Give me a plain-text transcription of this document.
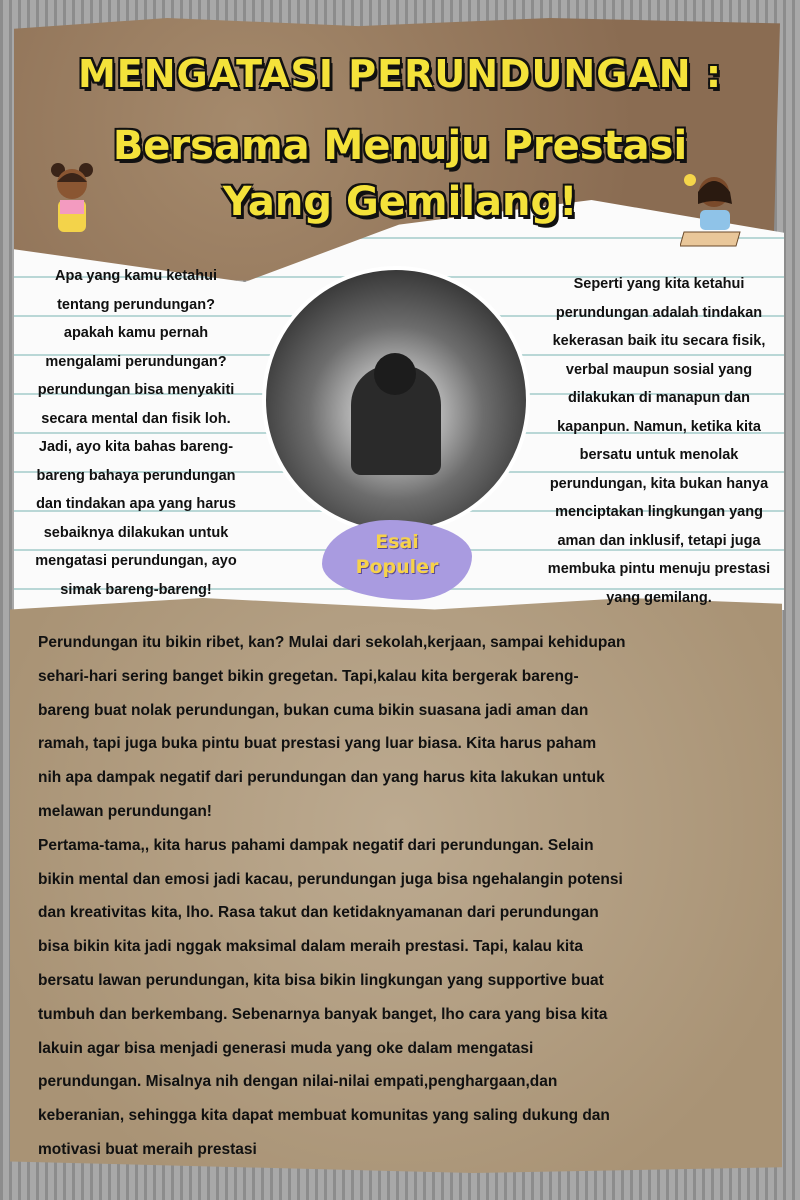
MENGATASI PERUNDUNGAN :
Bersama Menuju Prestasi
Yang Gemilang!
Apa yang kamu ketahui
tentang perundungan?
apakah kamu pernah
mengalami perundungan?
perundungan bisa menyakiti
secara mental dan fisik loh.
Jadi, ayo kita bahas bareng-
bareng bahaya perundungan
dan tindakan apa yang harus
sebaiknya dilakukan untuk
mengatasi perundungan, ayo
simak bareng-bareng!
Esai
Populer
Seperti yang kita ketahui
perundungan adalah tindakan
kekerasan baik itu secara fisik,
verbal maupun sosial yang
dilakukan di manapun dan
kapanpun. Namun, ketika kita
bersatu untuk menolak
perundungan, kita bukan hanya
menciptakan lingkungan yang
aman dan inklusif, tetapi juga
membuka pintu menuju prestasi
yang gemilang.
Perundungan itu bikin ribet, kan? Mulai dari sekolah,kerjaan, sampai kehidupan
sehari-hari sering banget bikin gregetan. Tapi,kalau kita bergerak bareng-
bareng buat nolak perundungan, bukan cuma bikin suasana jadi aman dan
ramah, tapi juga buka pintu buat prestasi yang luar biasa. Kita harus paham
nih apa dampak negatif dari perundungan dan yang harus kita lakukan untuk
melawan perundungan!
Pertama-tama,, kita harus pahami dampak negatif dari perundungan. Selain
bikin mental dan emosi jadi kacau, perundungan juga bisa ngehalangin potensi
dan kreativitas kita, lho. Rasa takut dan ketidaknyamanan dari perundungan
bisa bikin kita jadi nggak maksimal dalam meraih prestasi. Tapi, kalau kita
bersatu lawan perundungan, kita bisa bikin lingkungan yang supportive buat
tumbuh dan berkembang. Sebenarnya banyak banget, lho cara yang bisa kita
lakuin agar bisa menjadi generasi muda yang oke dalam mengatasi
perundungan. Misalnya nih dengan nilai-nilai empati,penghargaan,dan
keberanian, sehingga kita dapat membuat komunitas yang saling dukung dan
motivasi buat meraih prestasi
